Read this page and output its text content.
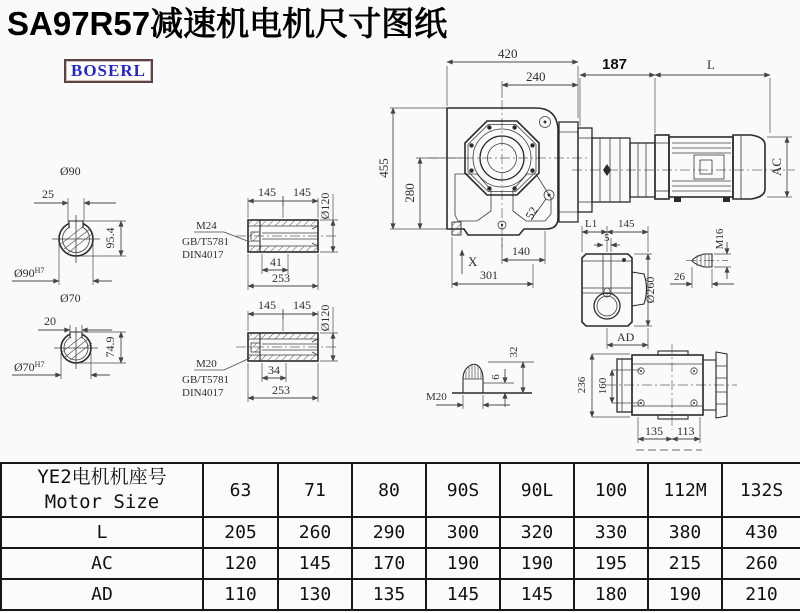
SA97R57减速机电机尺寸图纸
BOSERL
Ø90
25
95.4
$Ø90^{H7}$
Ø70
20
74.9
$Ø70^{H7}$
145 145
Ø120
41
253
M24
GB/T5781
DIN4017
145 145 Ø120
34
253
M20
GB/T5781
DIN4017
420
240
455
280
52
140
301
X
187	L
AC
L1 145
5
Ø260
AD
M16
26
M20
6
32
236 160
135 113
YE2电机机座号
Motor Size	63	71	80	90S	90L	100	112M	132S
L	205	260	290	300	320	330	380	430
AC	120	145	170	190	190	195	215	260
AD	110	130	135	145	145	180	190	210
